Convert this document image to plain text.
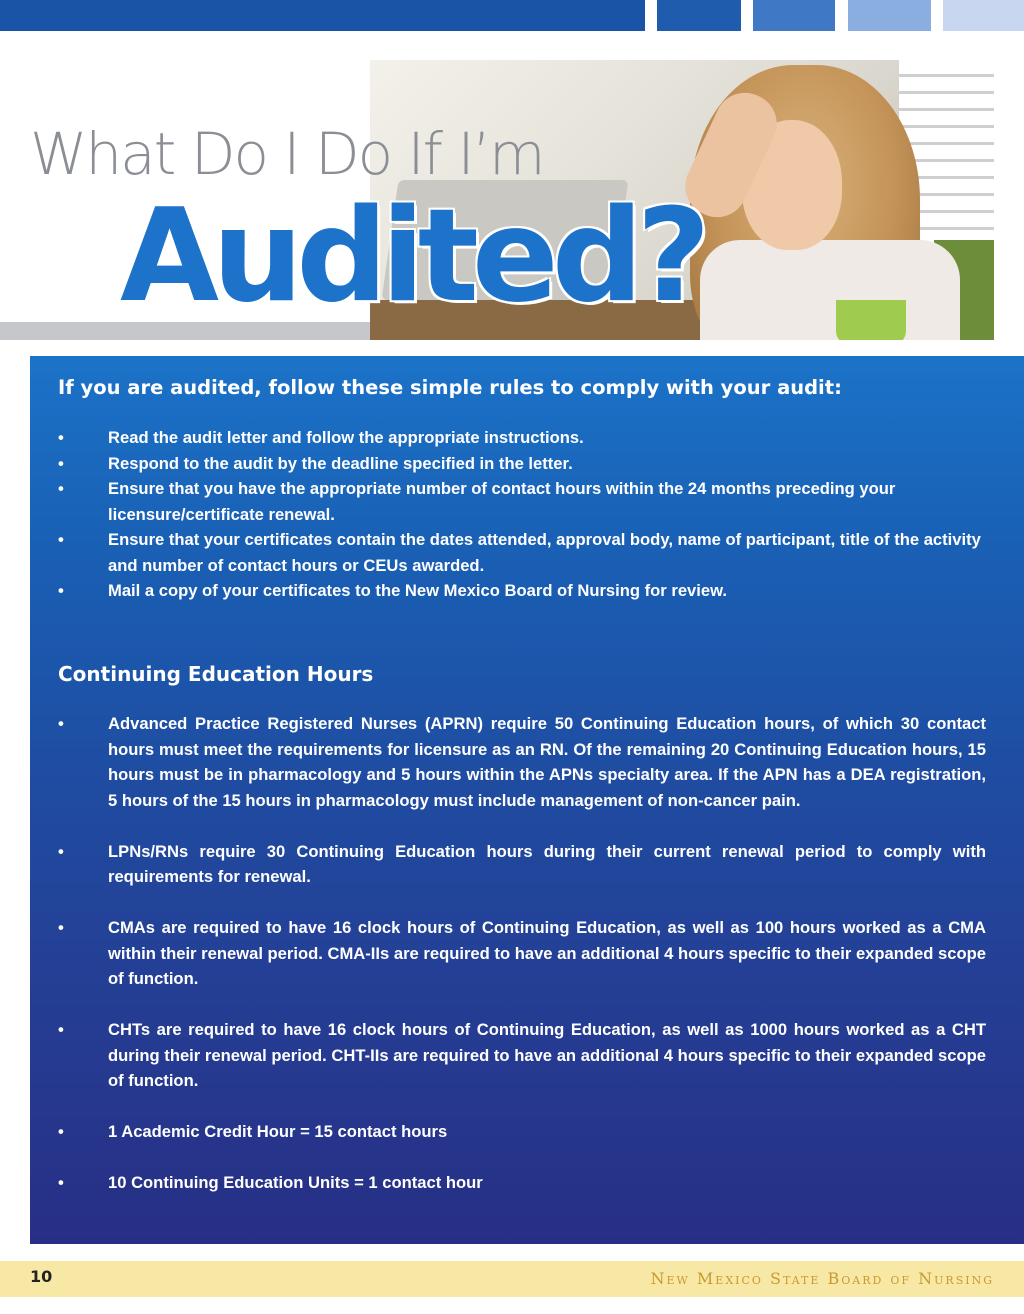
What Do I Do If I’m
Audited?
If you are audited, follow these simple rules to comply with your audit:
•	Read the audit letter and follow the appropriate instructions.
•	Respond to the audit by the deadline specified in the letter.
•	Ensure that you have the appropriate number of contact hours within the 24 months preceding your licensure/certificate renewal.
•	Ensure that your certificates contain the dates attended, approval body, name of participant, title of the activity and number of contact hours or CEUs awarded.
•	Mail a copy of your certificates to the New Mexico Board of Nursing for review.
Continuing Education Hours
•	Advanced Practice Registered Nurses (APRN) require 50 Continuing Education hours, of which 30 contact hours must meet the requirements for licensure as an RN. Of the remaining 20 Continuing Education hours, 15 hours must be in pharmacology and 5 hours within the APNs specialty area. If the APN has a DEA registration, 5 hours of the 15 hours in pharmacology must include management of non-cancer pain.
•	LPNs/RNs require 30 Continuing Education hours during their current renewal period to comply with requirements for renewal.
•	CMAs are required to have 16 clock hours of Continuing Education, as well as 100 hours worked as a CMA within their renewal period. CMA-IIs are required to have an additional 4 hours specific to their expanded scope of function.
•	CHTs are required to have 16 clock hours of Continuing Education, as well as 1000 hours worked as a CHT during their renewal period. CHT-IIs are required to have an additional 4 hours specific to their expanded scope of function.
•	1 Academic Credit Hour = 15 contact hours
•	10 Continuing Education Units = 1 contact hour
10	New Mexico State Board of Nursing
